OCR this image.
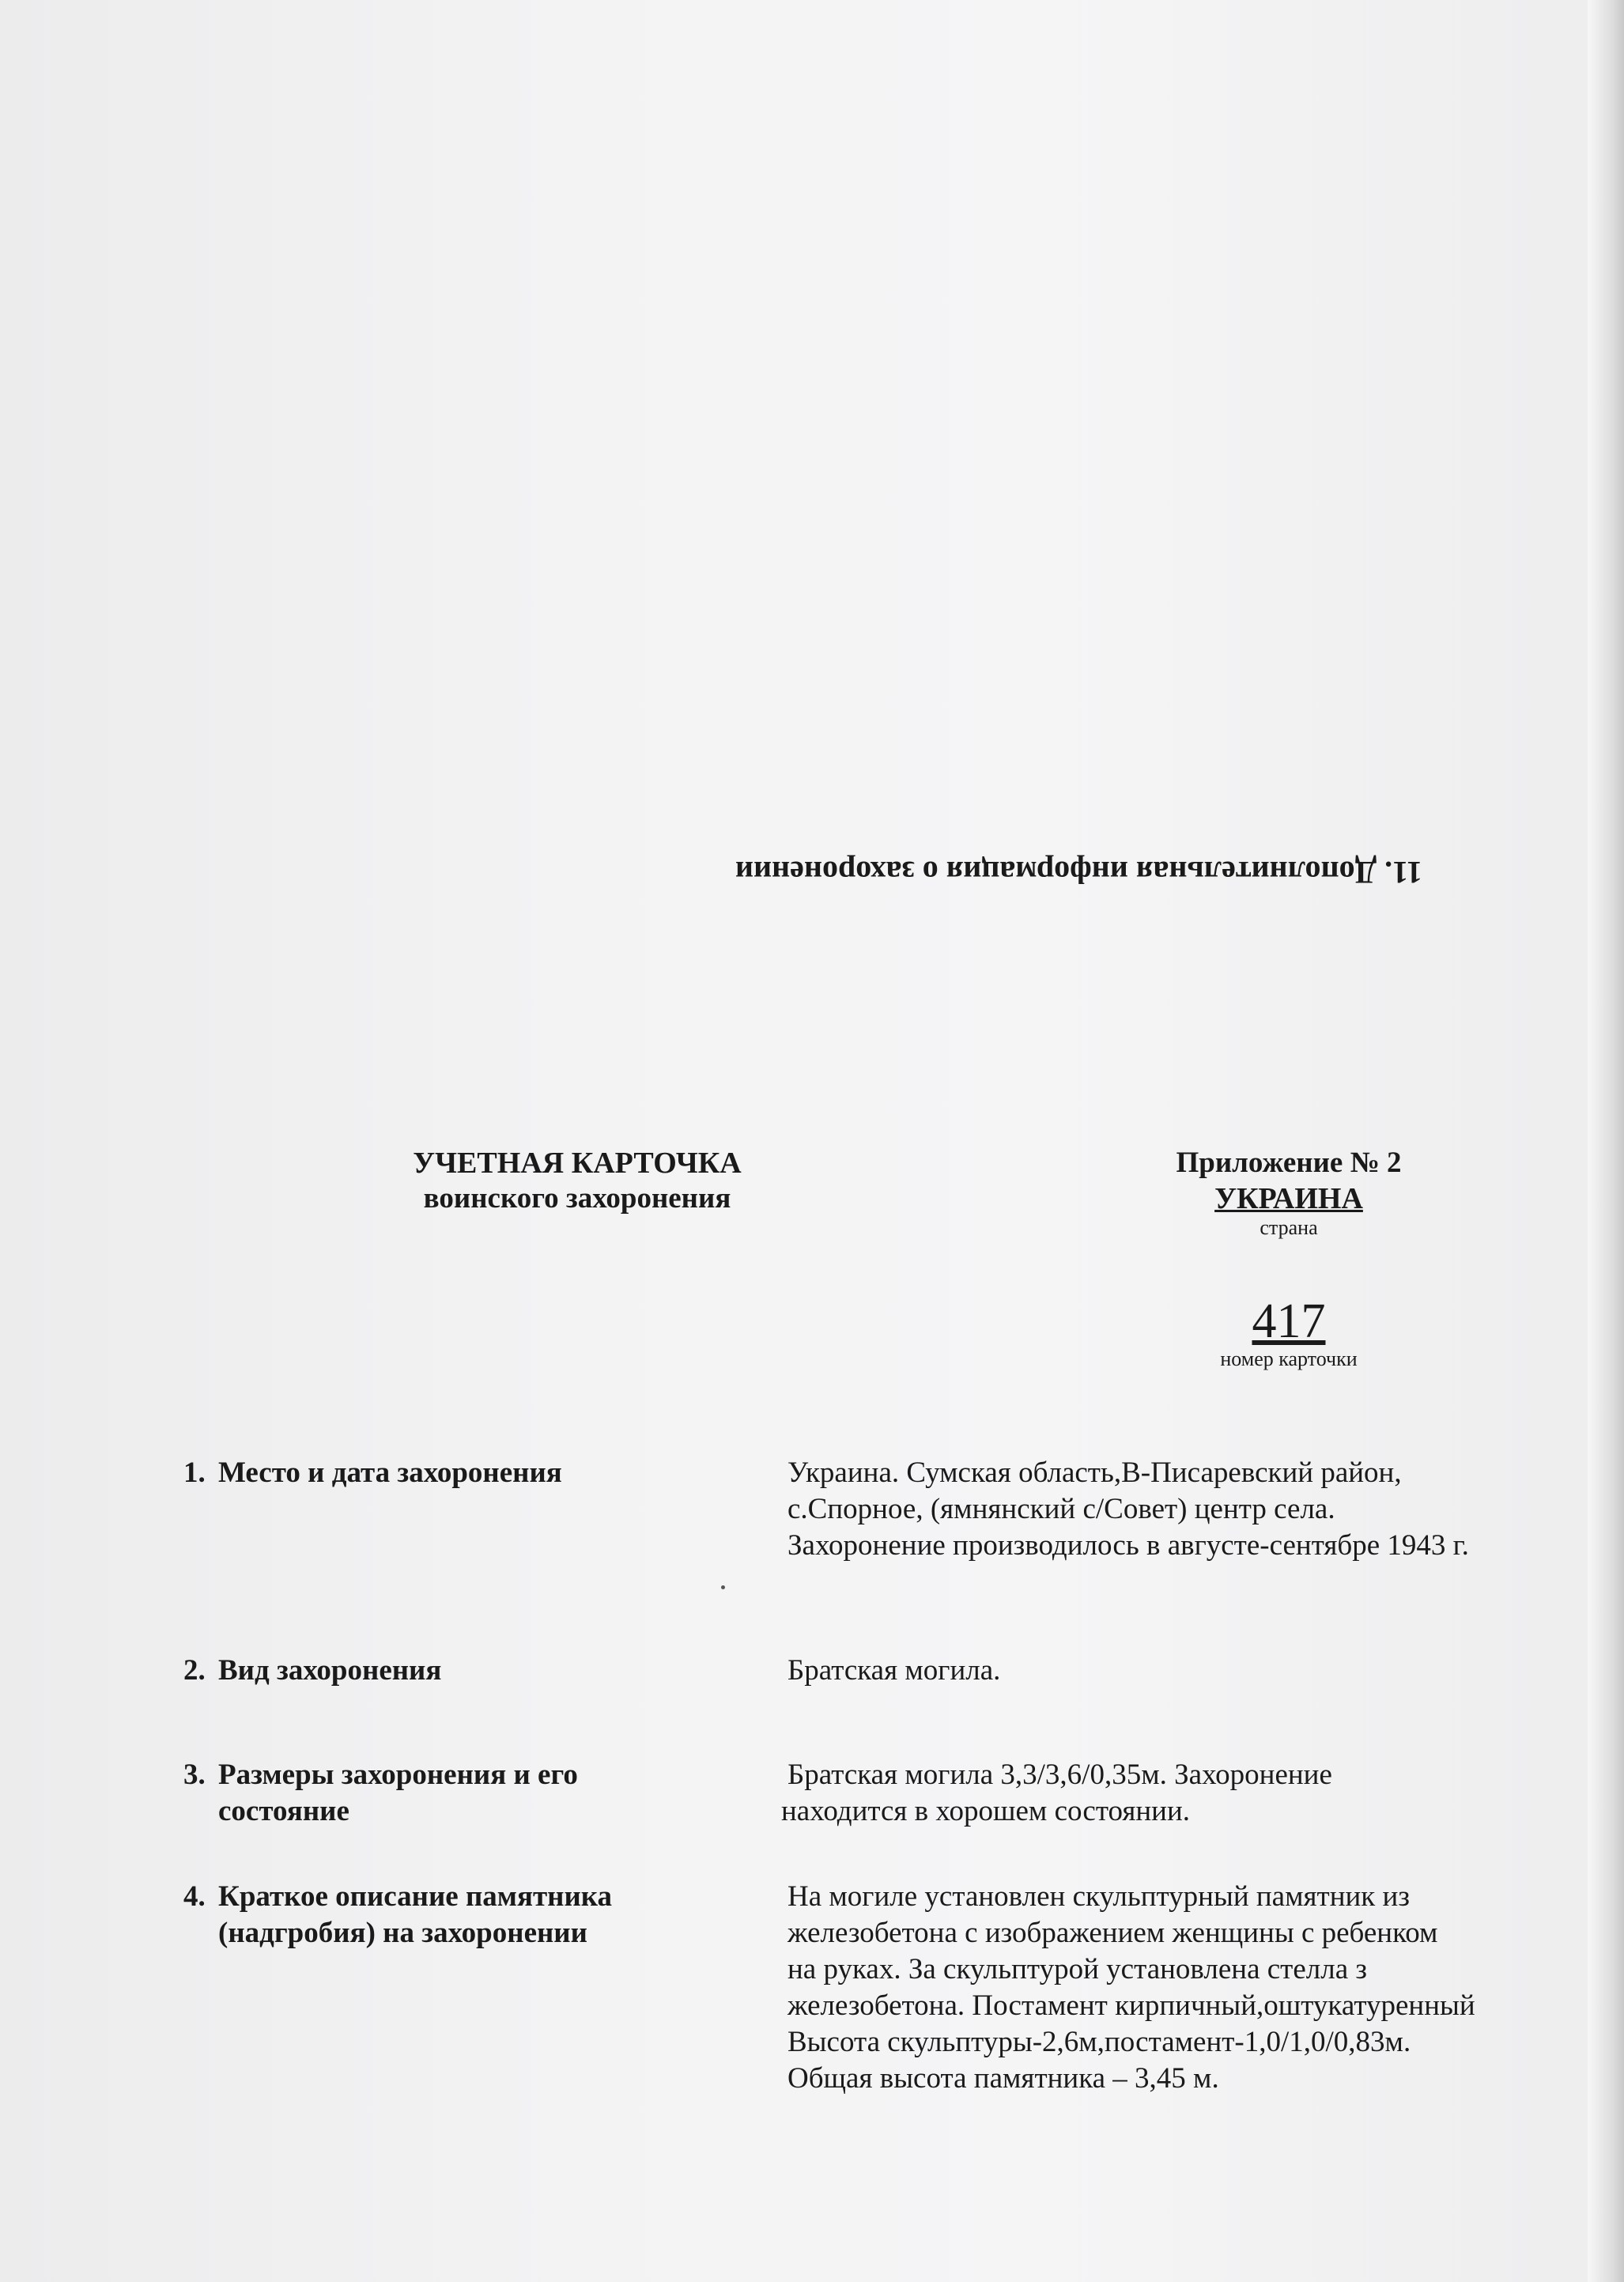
11. Дополнительная информация о захоронении
УЧЕТНАЯ КАРТОЧКА
воинского захоронения
Приложение № 2
УКРАИНА
страна
417
номер карточки
1. Место и дата захоронения	Украина. Сумская область,В-Писаревский район,
с.Спорное, (ямнянский с/Совет) центр села.
Захоронение производилось в августе-сентябре 1943 г.
2. Вид захоронения	Братская могила.
3. Размеры захоронения и его
состояние
Братская могила 3,3/3,6/0,35м. Захоронение
находится в хорошем состоянии.
4. Краткое описание памятника
(надгробия) на захоронении
На могиле установлен скульптурный памятник из
железобетона с изображением женщины с ребенком
на руках. За скульптурой установлена стелла з
железобетона. Постамент кирпичный,оштукатуренный
Высота скульптуры-2,6м,постамент-1,0/1,0/0,83м.
Общая высота памятника – 3,45 м.
